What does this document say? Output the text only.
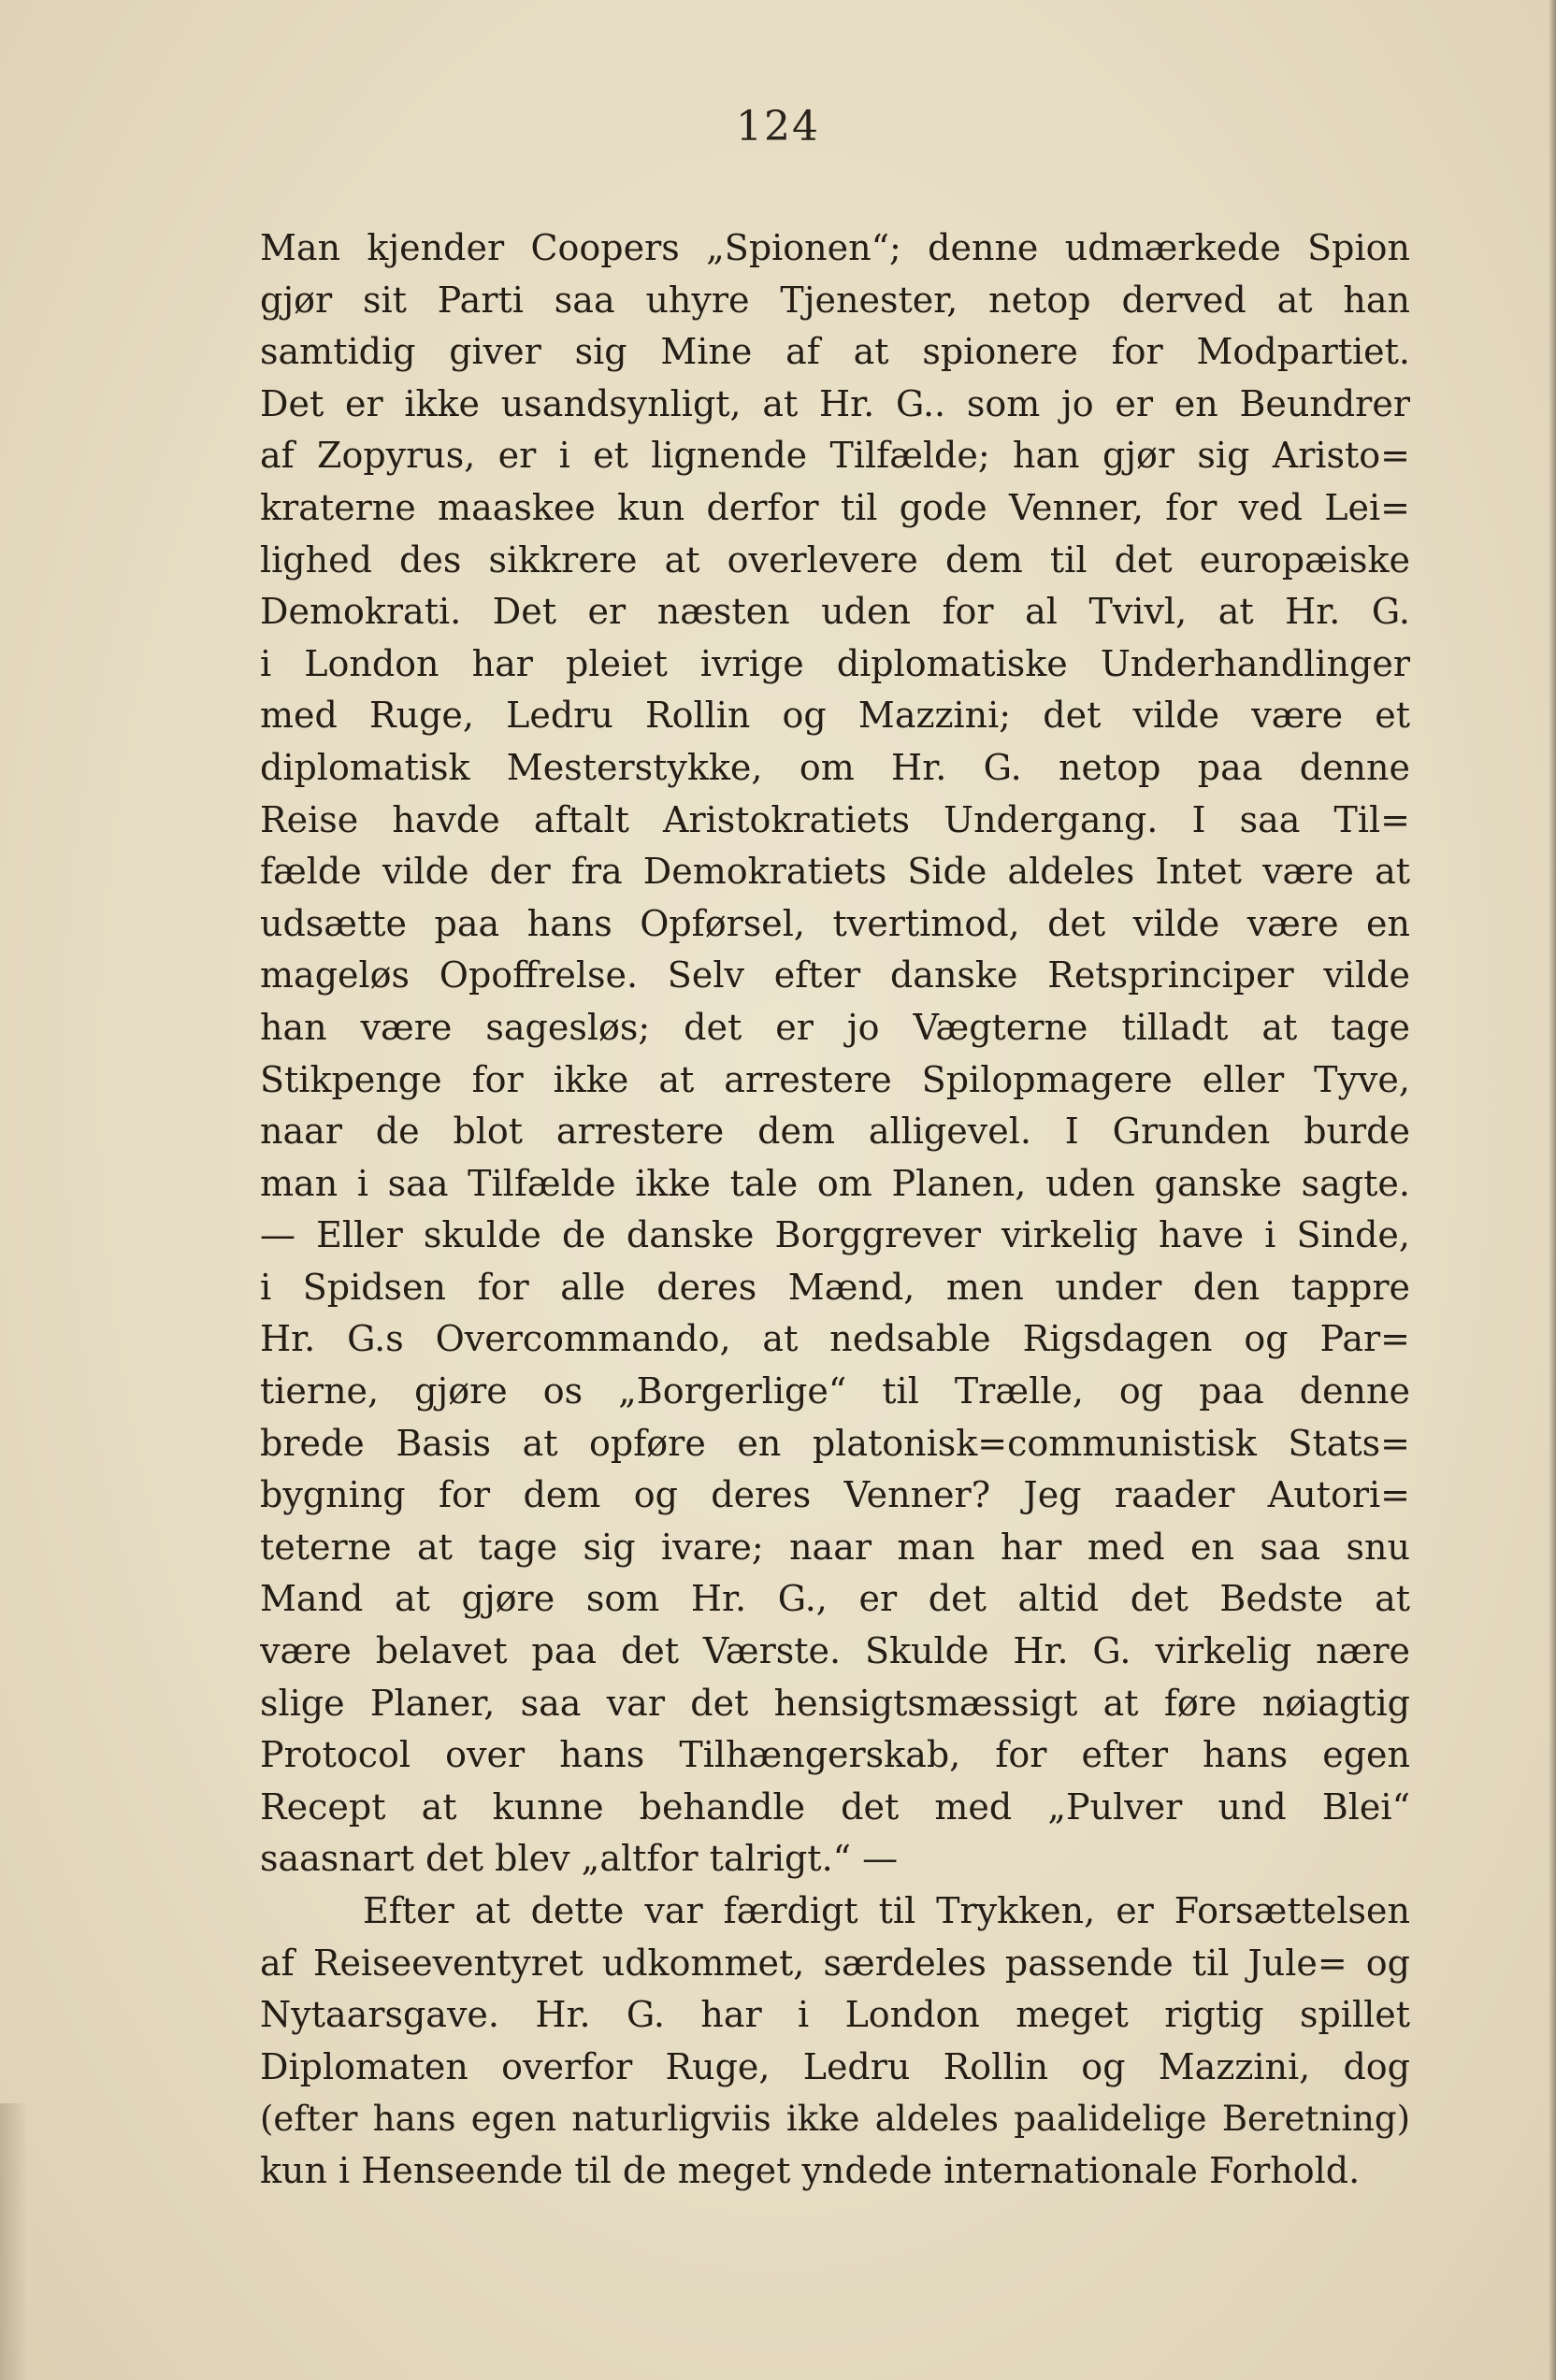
124
Man kjender Coopers „Spionen“; denne udmærkede Spion
gjør sit Parti saa uhyre Tjenester, netop derved at han
samtidig giver sig Mine af at spionere for Modpartiet.
Det er ikke usandsynligt, at Hr. G.. som jo er en Beundrer
af Zopyrus, er i et lignende Tilfælde; han gjør sig Aristo=
kraterne maaskee kun derfor til gode Venner, for ved Lei=
lighed des sikkrere at overlevere dem til det europæiske
Demokrati. Det er næsten uden for al Tvivl, at Hr. G.
i London har pleiet ivrige diplomatiske Underhandlinger
med Ruge, Ledru Rollin og Mazzini; det vilde være et
diplomatisk Mesterstykke, om Hr. G. netop paa denne
Reise havde aftalt Aristokratiets Undergang. I saa Til=
fælde vilde der fra Demokratiets Side aldeles Intet være at
udsætte paa hans Opførsel, tvertimod, det vilde være en
mageløs Opoffrelse. Selv efter danske Retsprinciper vilde
han være sagesløs; det er jo Vægterne tilladt at tage
Stikpenge for ikke at arrestere Spilopmagere eller Tyve,
naar de blot arrestere dem alligevel. I Grunden burde
man i saa Tilfælde ikke tale om Planen, uden ganske sagte.
— Eller skulde de danske Borggrever virkelig have i Sinde,
i Spidsen for alle deres Mænd, men under den tappre
Hr. G.s Overcommando, at nedsable Rigsdagen og Par=
tierne, gjøre os „Borgerlige“ til Trælle, og paa denne
brede Basis at opføre en platonisk=communistisk Stats=
bygning for dem og deres Venner? Jeg raader Autori=
teterne at tage sig ivare; naar man har med en saa snu
Mand at gjøre som Hr. G., er det altid det Bedste at
være belavet paa det Værste. Skulde Hr. G. virkelig nære
slige Planer, saa var det hensigtsmæssigt at føre nøiagtig
Protocol over hans Tilhængerskab, for efter hans egen
Recept at kunne behandle det med „Pulver und Blei“
saasnart det blev „altfor talrigt.“ —
Efter at dette var færdigt til Trykken, er Forsættelsen
af Reiseeventyret udkommet, særdeles passende til Jule= og
Nytaarsgave. Hr. G. har i London meget rigtig spillet
Diplomaten overfor Ruge, Ledru Rollin og Mazzini, dog
(efter hans egen naturligviis ikke aldeles paalidelige Beretning)
kun i Henseende til de meget yndede internationale Forhold.
